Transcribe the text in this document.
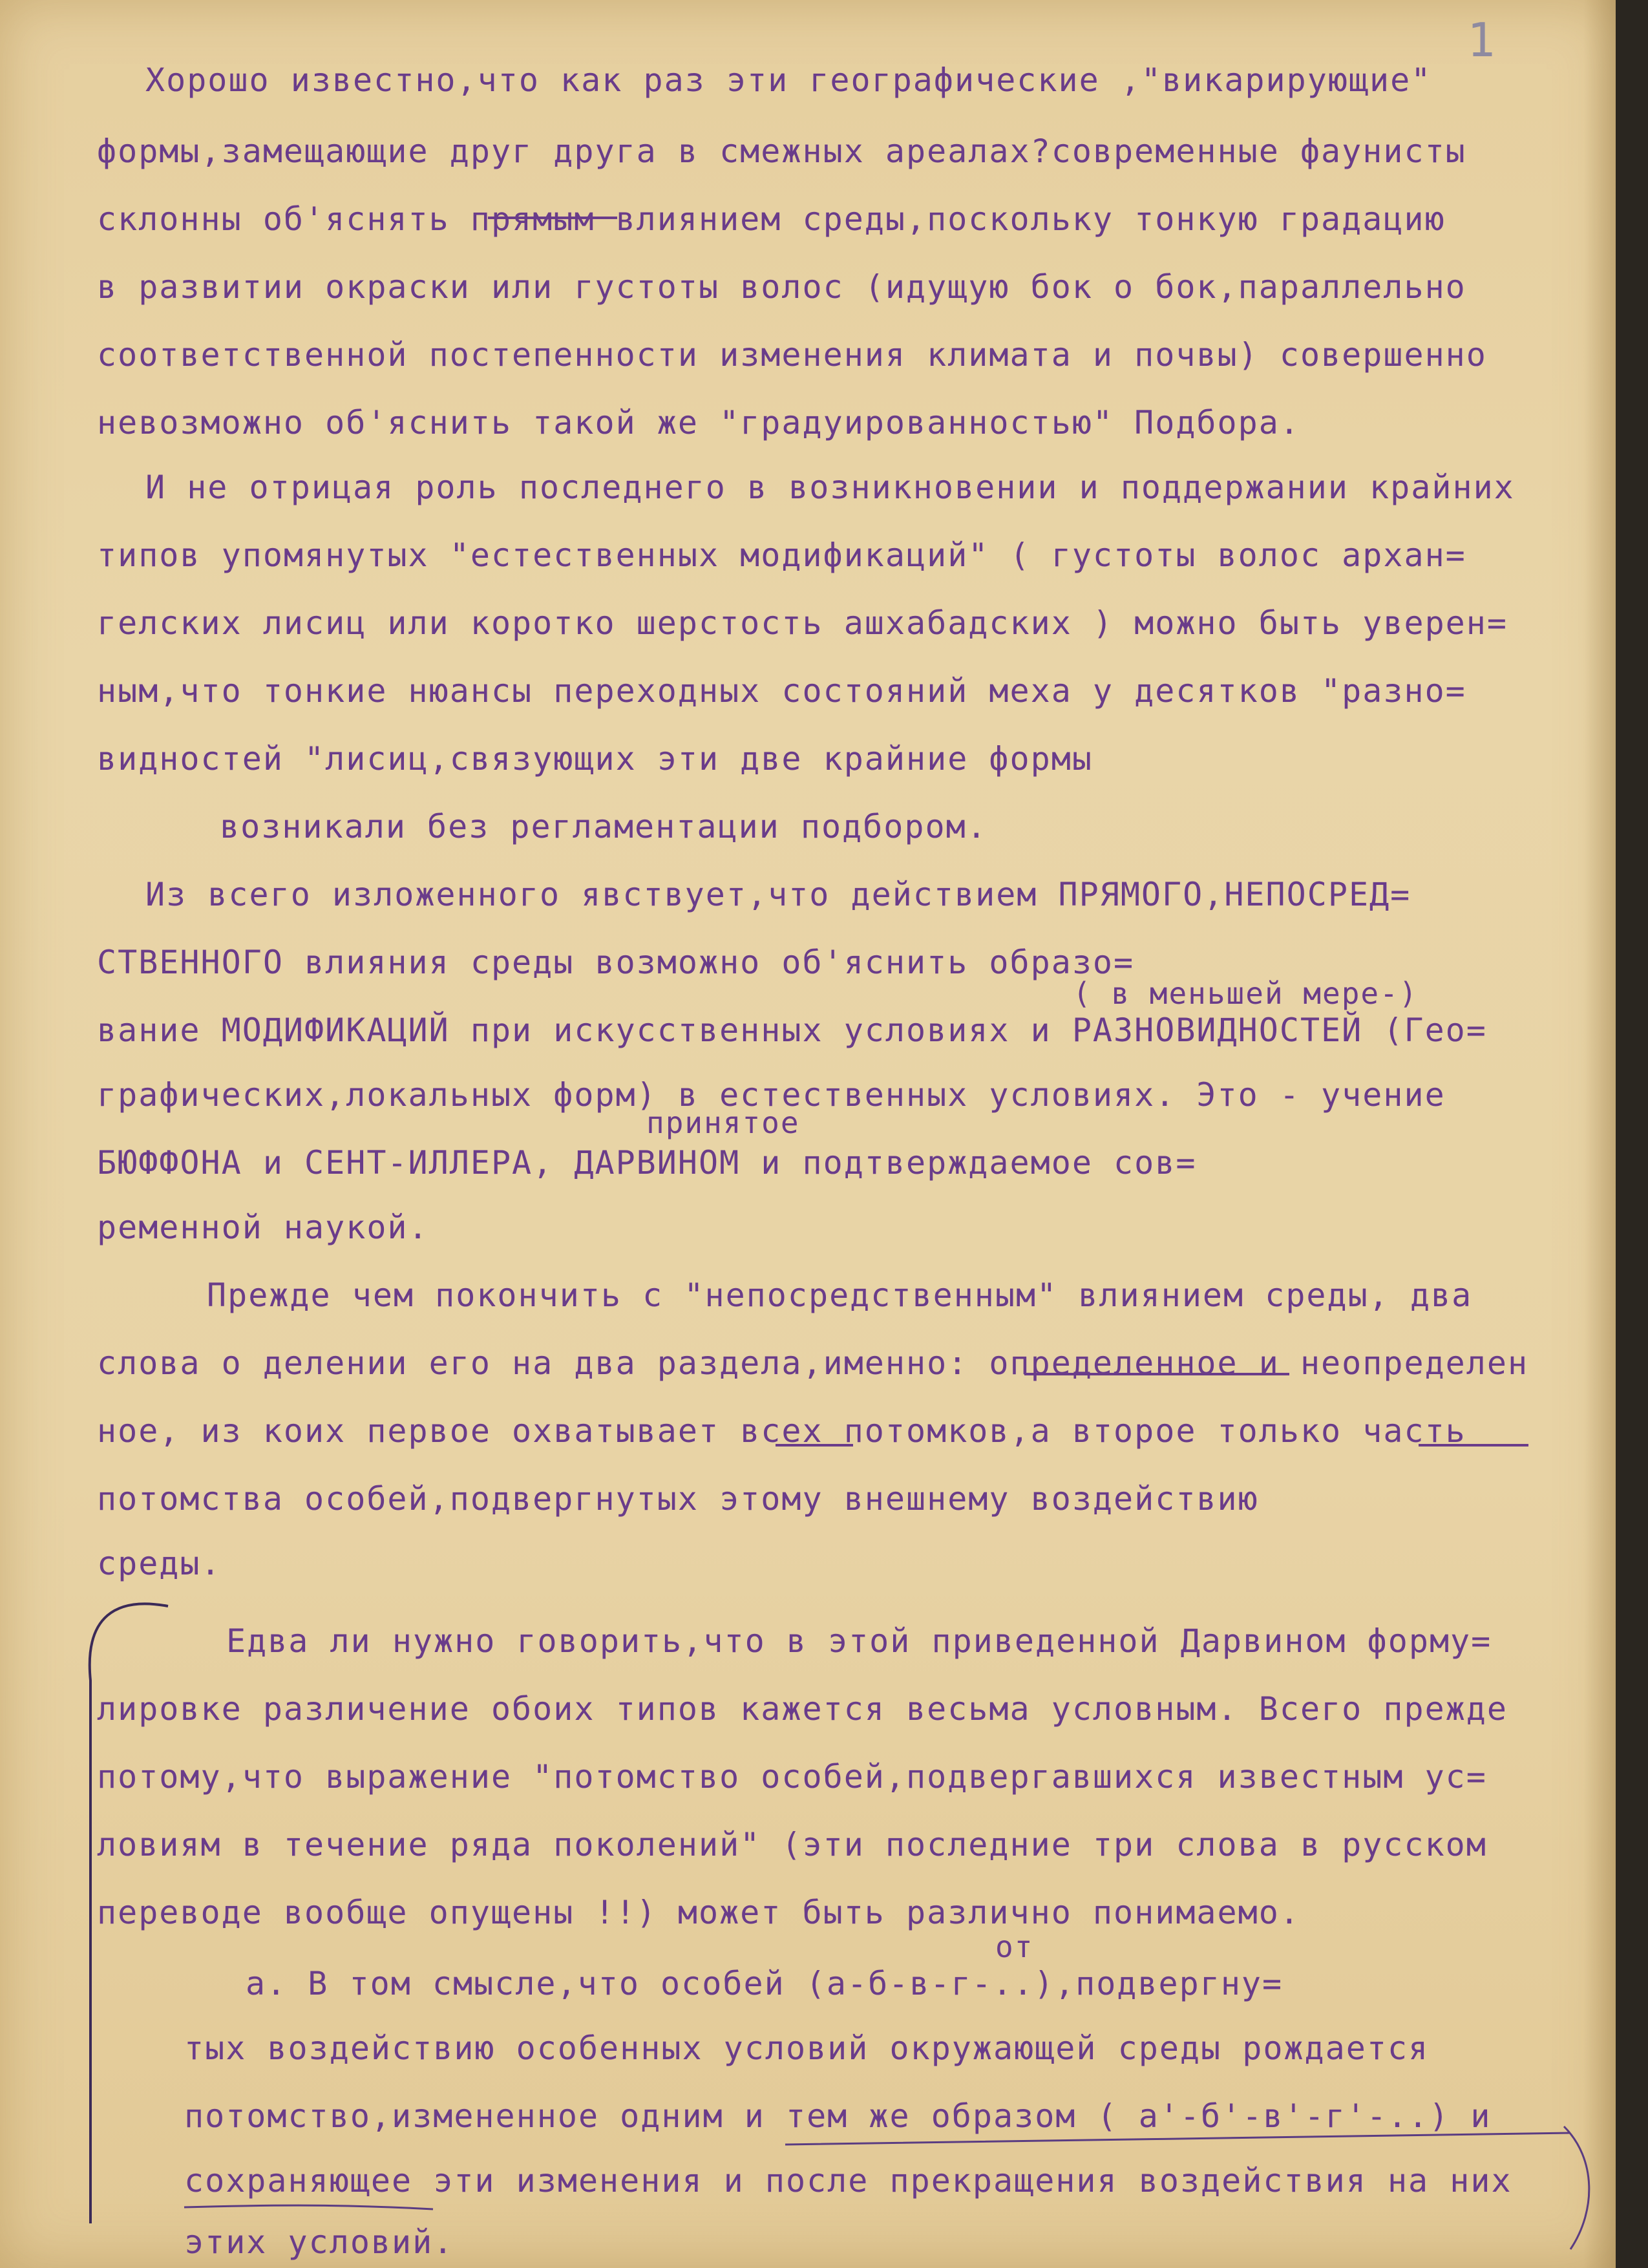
1
Хорошо известно,что как раз эти географические ,"викарирующие"
формы,замещающие друг друга в смежных ареалах?современные фаунисты
склонны об'яснять прямым влиянием среды,поскольку тонкую градацию
в развитии окраски или густоты волос (идущую бок о бок,параллельно
соответственной постепенности изменения климата и почвы) совершенно
невозможно об'яснить такой же "градуированностью" Подбора.
И не отрицая роль последнего в возникновении и поддержании крайних
типов упомянутых "естественных модификаций" ( густоты волос архан=
гелских лисиц или коротко шерстость ашхабадских ) можно быть уверен=
ным,что тонкие нюансы переходных состояний меха у десятков "разно=
видностей "лисиц,связующих эти две крайние формы
возникали без регламентации подбором.
Из всего изложенного явствует,что действием ПРЯМОГО,НЕПОСРЕД=
СТВЕННОГО влияния среды возможно об'яснить образо=
( в меньшей мере-)
вание МОДИФИКАЦИЙ при искусственных условиях и РАЗНОВИДНОСТЕЙ (Гео=
графических,локальных форм) в естественных условиях. Это - учение
принятое
БЮФФОНА и СЕНТ-ИЛЛЕРА, ДАРВИНОМ и подтверждаемое сов=
ременной наукой.
Прежде чем покончить с "непосредственным" влиянием среды, два
слова о делении его на два раздела,именно: определенное и неопределен
ное, из коих первое охватывает всех потомков,а второе только часть
потомства особей,подвергнутых этому внешнему воздействию
среды.
Едва ли нужно говорить,что в этой приведенной Дарвином форму=
лировке различение обоих типов кажется весьма условным. Всего прежде
потому,что выражение "потомство особей,подвергавшихся известным ус=
ловиям в течение ряда поколений" (эти последние три слова в русском
переводе вообще опущены !!) может быть различно понимаемо.
от
а. В том смысле,что особей (а-б-в-г-..),подвергну=
тых воздействию особенных условий окружающей среды рождается
потомство,измененное одним и тем же образом ( а'-б'-в'-г'-..) и
сохраняющее эти изменения и после прекращения воздействия на них
этих условий.
